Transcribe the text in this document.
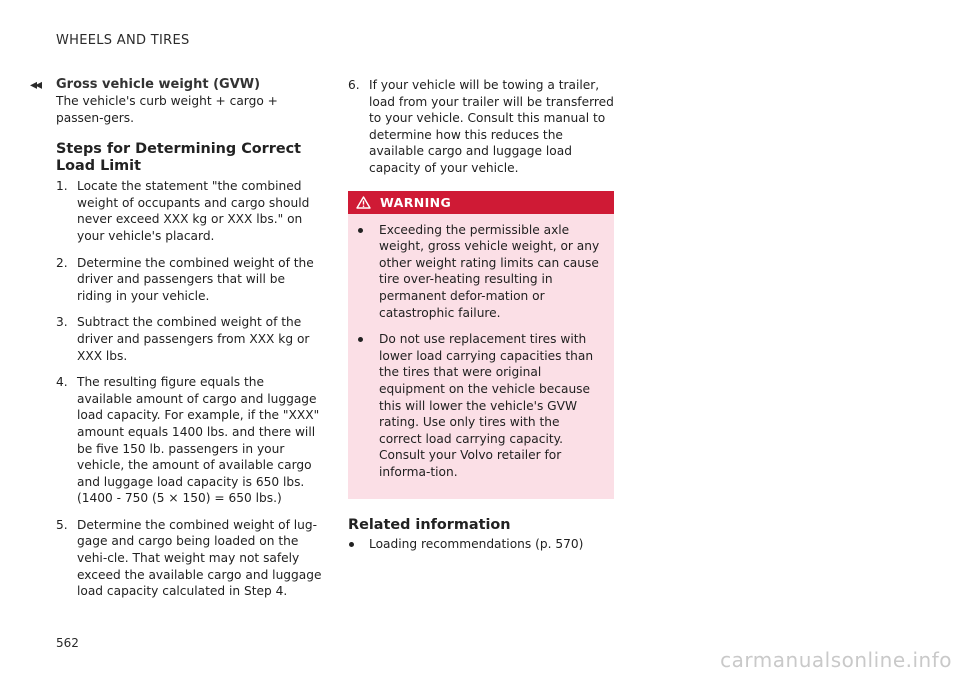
WHEELS AND TIRES
◂◂ Gross vehicle weight (GVW)

The vehicle's curb weight + cargo + passen-gers.

Steps for Determining Correct Load Limit
1. Locate the statement "the combined weight of occupants and cargo should never exceed XXX kg or XXX lbs." on your vehicle's placard.
2. Determine the combined weight of the driver and passengers that will be riding in your vehicle.
3. Subtract the combined weight of the driver and passengers from XXX kg or XXX lbs.
4. The resulting figure equals the available amount of cargo and luggage load capacity. For example, if the "XXX" amount equals 1400 lbs. and there will be five 150 lb. passengers in your vehicle, the amount of available cargo and luggage load capacity is 650 lbs. (1400 - 750 (5 × 150) = 650 lbs.)
5. Determine the combined weight of lug-gage and cargo being loaded on the vehi-cle. That weight may not safely exceed the available cargo and luggage load capacity calculated in Step 4.
6. If your vehicle will be towing a trailer, load from your trailer will be transferred to your vehicle. Consult this manual to determine how this reduces the available cargo and luggage load capacity of your vehicle.
WARNING
Exceeding the permissible axle weight, gross vehicle weight, or any other weight rating limits can cause tire over-heating resulting in permanent defor-mation or catastrophic failure.
Do not use replacement tires with lower load carrying capacities than the tires that were original equipment on the vehicle because this will lower the vehicle's GVW rating. Use only tires with the correct load carrying capacity. Consult your Volvo retailer for informa-tion.
Related information
Loading recommendations (p. 570)
562
carmanualsonline.info
